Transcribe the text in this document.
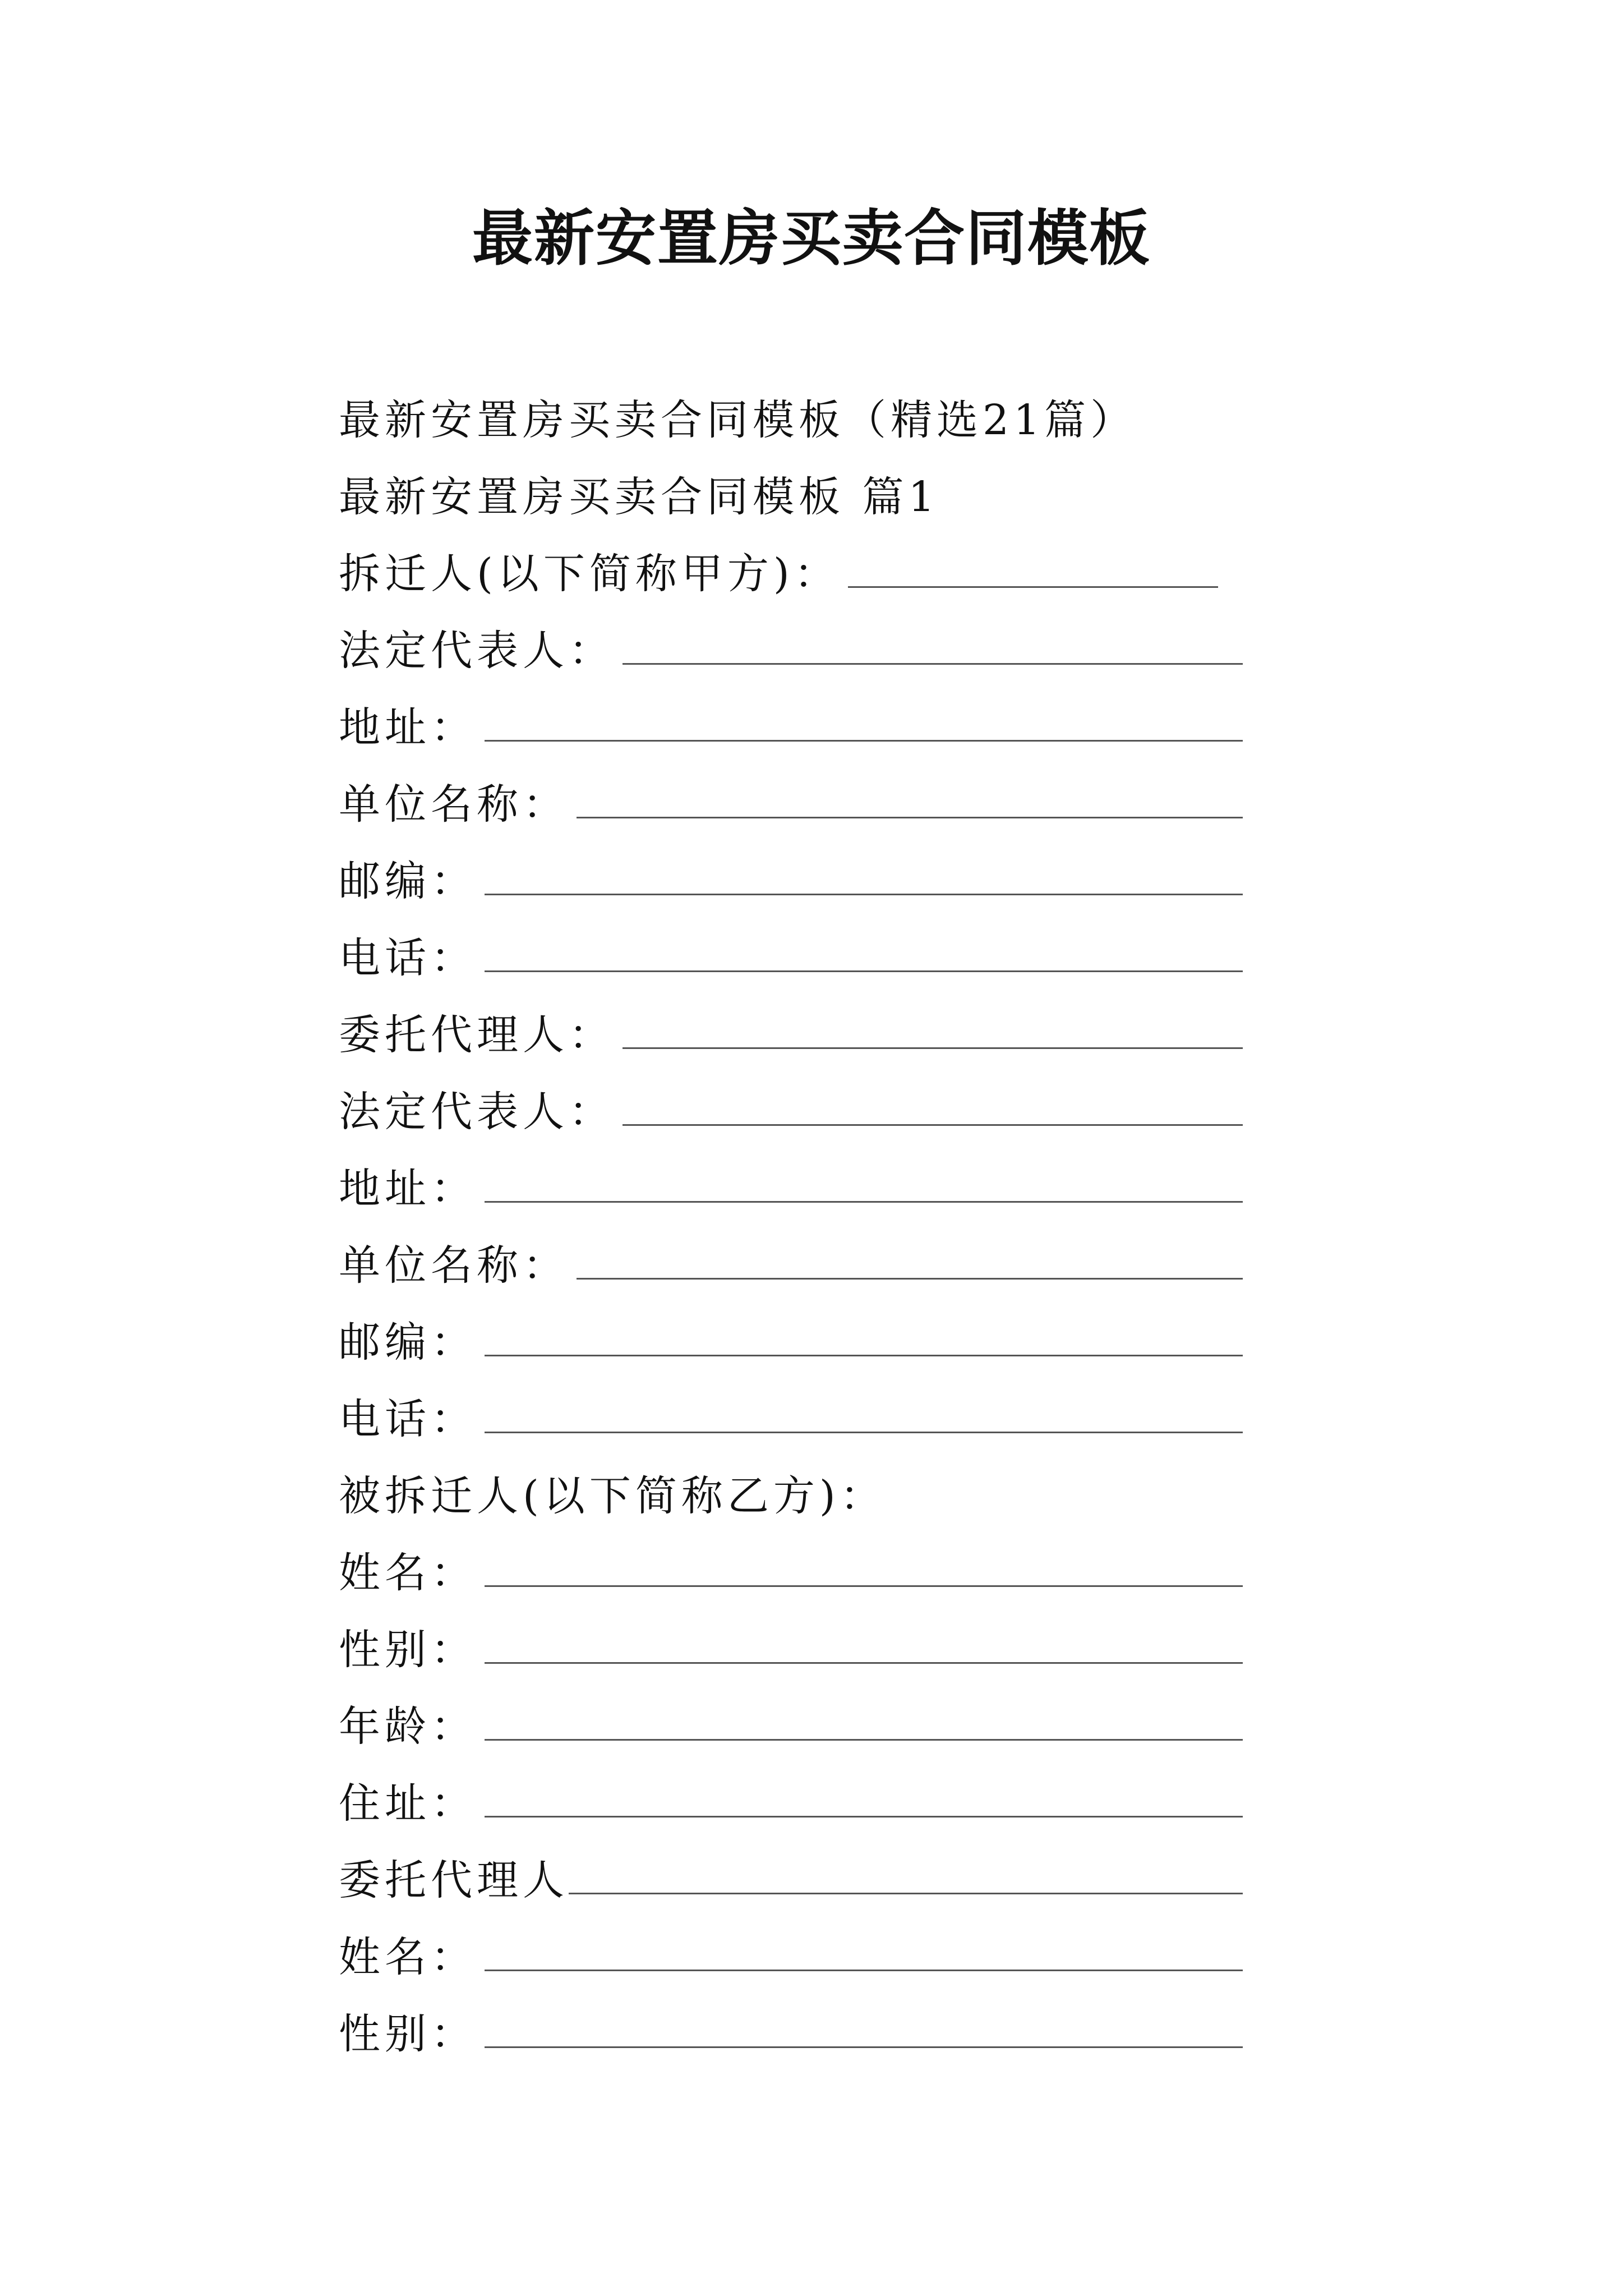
最新安置房买卖合同模板
最新安置房买卖合同模板（精选21篇）
最新安置房买卖合同模板 篇1
拆迁人(以下简称甲方)：
法定代表人：
地址：
单位名称：
邮编：
电话：
委托代理人：
法定代表人：
地址：
单位名称：
邮编：
电话：
被拆迁人(以下简称乙方)：
姓名：
性别：
年龄：
住址：
委托代理人
姓名：
性别：
